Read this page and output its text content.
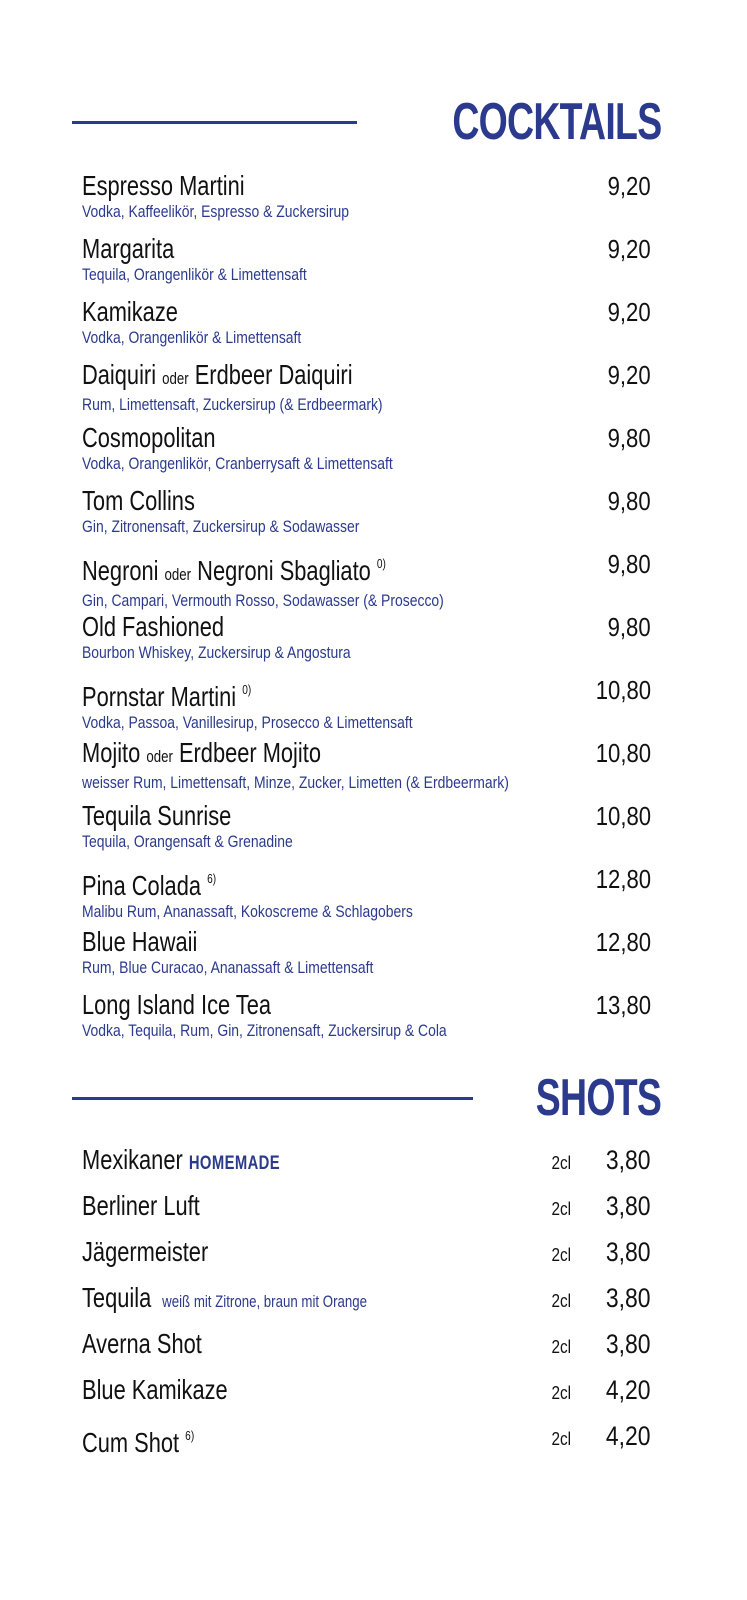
COCKTAILS
Espresso Martini
Vodka, Kaffeelikör, Espresso & Zuckersirup
9,20
Margarita
Tequila, Orangenlikör & Limettensaft
9,20
Kamikaze
Vodka, Orangenlikör & Limettensaft
9,20
Daiquiri oder Erdbeer Daiquiri
Rum, Limettensaft, Zuckersirup (& Erdbeermark)
9,20
Cosmopolitan
Vodka, Orangenlikör, Cranberrysaft & Limettensaft
9,80
Tom Collins
Gin, Zitronensaft, Zuckersirup & Sodawasser
9,80
Negroni oder Negroni Sbagliato $^{0)}$
Gin, Campari, Vermouth Rosso, Sodawasser (& Prosecco)
9,80
Old Fashioned
Bourbon Whiskey, Zuckersirup & Angostura
9,80
Pornstar Martini $^{0)}$
Vodka, Passoa, Vanillesirup, Prosecco & Limettensaft
10,80
Mojito oder Erdbeer Mojito
weisser Rum, Limettensaft, Minze, Zucker, Limetten (& Erdbeermark)
10,80
Tequila Sunrise
Tequila, Orangensaft & Grenadine
10,80
Pina Colada $^{6)}$
Malibu Rum, Ananassaft, Kokoscreme & Schlagobers
12,80
Blue Hawaii
Rum, Blue Curacao, Ananassaft & Limettensaft
12,80
Long Island Ice Tea
Vodka, Tequila, Rum, Gin, Zitronensaft, Zuckersirup & Cola
13,80
SHOTS
Mexikaner HOMEMADE	2cl 3,80
Berliner Luft	2cl 3,80
Jägermeister	2cl 3,80
Tequila weiß mit Zitrone, braun mit Orange	2cl 3,80
Averna Shot	2cl 3,80
Blue Kamikaze	2cl 4,20
Cum Shot $^{6)}$	2cl 4,20
